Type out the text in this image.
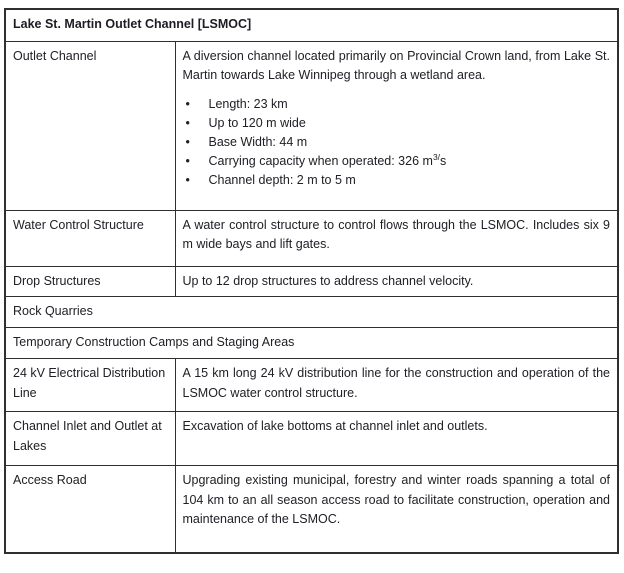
Lake St. Martin Outlet Channel [LSMOC]	
Outlet Channel	A diversion channel located primarily on Provincial Crown land, from Lake St. Martin towards Lake Winnipeg through a wetland area.

• Length: 23 km
• Up to 120 m wide
• Base Width: 44 m
• Carrying capacity when operated: 326 $m^{3/}s$
• Channel depth: 2 m to 5 m

Water Control Structure	A water control structure to control flows through the LSMOC. Includes six 9 m wide bays and lift gates.

Drop Structures	Up to 12 drop structures to address channel velocity.

Rock Quarries	
Temporary Construction Camps and Staging Areas	
24 kV Electrical Distribution Line	A 15 km long 24 kV distribution line for the construction and operation of the LSMOC water control structure.

Channel Inlet and Outlet at Lakes	Excavation of lake bottoms at channel inlet and outlets.

Access Road	Upgrading existing municipal, forestry and winter roads spanning a total of 104 km to an all season access road to facilitate construction, operation and maintenance of the LSMOC.
